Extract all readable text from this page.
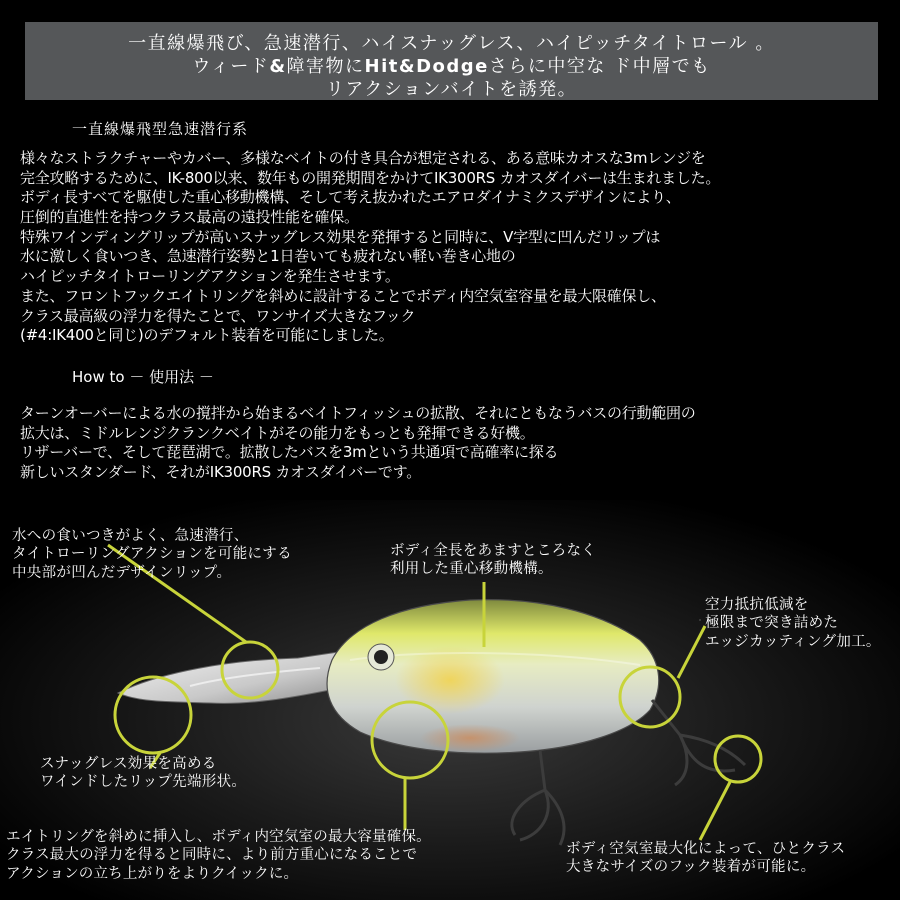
一直線爆飛び、急速潜行、ハイスナッグレス、ハイピッチタイトロール 。
ウィード&障害物にHit&Dodgeさらに中空な ド中層でも
リアクションバイトを誘発。
一直線爆飛型急速潜行系
様々なストラクチャーやカバー、多様なベイトの付き具合が想定される、ある意味カオスな3mレンジを
完全攻略するために、IK-800以来、数年もの開発期間をかけてIK300RS カオスダイバーは生まれました。
ボディ長すべてを駆使した重心移動機構、そして考え抜かれたエアロダイナミクスデザインにより、
圧倒的直進性を持つクラス最高の遠投性能を確保。
特殊ワインディングリップが高いスナッグレス効果を発揮すると同時に、V字型に凹んだリップは
水に激しく食いつき、急速潜行姿勢と1日巻いても疲れない軽い巻き心地の
ハイピッチタイトローリングアクションを発生させます。
また、フロントフックエイトリングを斜めに設計することでボディ内空気室容量を最大限確保し、
クラス最高級の浮力を得たことで、ワンサイズ大きなフック
(#4:IK400と同じ)のデフォルト装着を可能にしました。
How to － 使用法 －
ターンオーバーによる水の撹拌から始まるベイトフィッシュの拡散、それにともなうバスの行動範囲の
拡大は、ミドルレンジクランクベイトがその能力をもっとも発揮できる好機。
リザーバーで、そして琵琶湖で。拡散したバスを3mという共通項で高確率に探る
新しいスタンダード、それがIK300RS カオスダイバーです。
水への食いつきがよく、急速潜行、
タイトローリングアクションを可能にする
中央部が凹んだデザインリップ。
ボディ全長をあますところなく
利用した重心移動機構。
空力抵抗低減を
極限まで突き詰めた
エッジカッティング加工。
スナッグレス効果を高める
ワインドしたリップ先端形状。
エイトリングを斜めに挿入し、ボディ内空気室の最大容量確保。
クラス最大の浮力を得ると同時に、より前方重心になることで
アクションの立ち上がりをよりクイックに。
ボディ空気室最大化によって、ひとクラス
大きなサイズのフック装着が可能に。
